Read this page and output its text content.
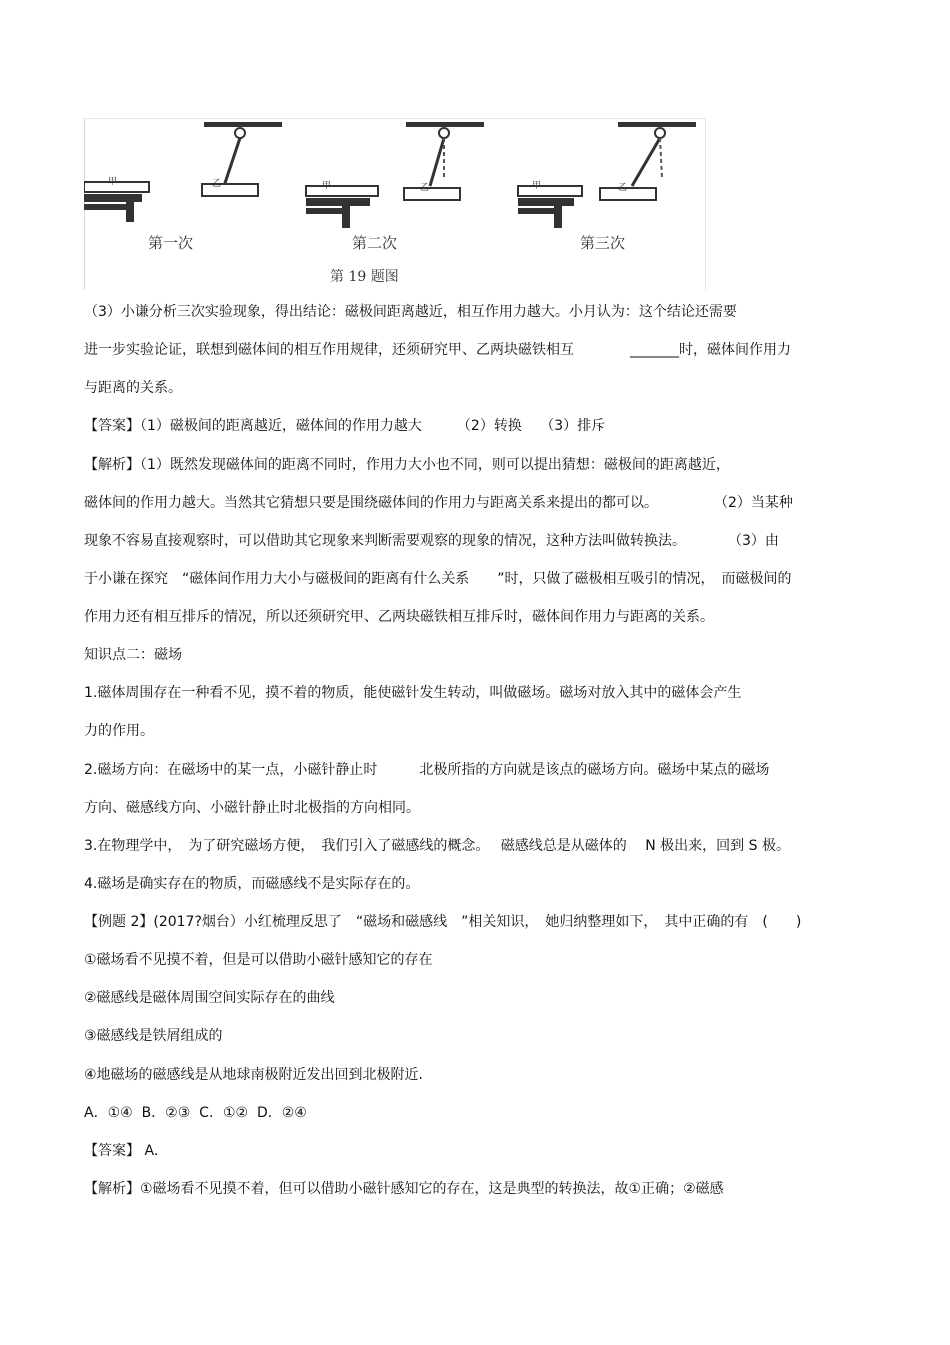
甲	乙	甲	乙	甲	乙
第一次	第二次	第三次
第 19 题图
（3）小谦分析三次实验现象，得出结论：磁极间距离越近，相互作用力越大。小月认为：这个结论还需要
进一步实验论证，联想到磁体间的相互作用规律，还须研究甲、乙两块磁铁相互　　　　_______时，磁体间作用力
与距离的关系。
【答案】（1）磁极间的距离越近，磁体间的作用力越大　　　（2）转换　 （3）排斥
【解析】（1）既然发现磁体间的距离不同时，作用力大小也不同，则可以提出猜想：磁极间的距离越近，
磁体间的作用力越大。当然其它猜想只要是围绕磁体间的作用力与距离关系来提出的都可以。　　　　　（2）当某种
现象不容易直接观察时，可以借助其它现象来判断需要观察的现象的情况，这种方法叫做转换法。　　　　（3）由
于小谦在探究　“磁体间作用力大小与磁极间的距离有什么关系　　”时，只做了磁极相互吸引的情况，　而磁极间的
作用力还有相互排斥的情况，所以还须研究甲、乙两块磁铁相互排斥时，磁体间作用力与距离的关系。
知识点二：磁场
1.磁体周围存在一种看不见，摸不着的物质，能使磁针发生转动，叫做磁场。磁场对放入其中的磁体会产生
力的作用。
2.磁场方向：在磁场中的某一点，小磁针静止时　　　北极所指的方向就是该点的磁场方向。磁场中某点的磁场
方向、磁感线方向、小磁针静止时北极指的方向相同。
3.在物理学中，　为了研究磁场方便，　我们引入了磁感线的概念。　 磁感线总是从磁体的　 N 极出来，回到 S 极。
4.磁场是确实存在的物质，而磁感线不是实际存在的。
【例题 2】(2017?烟台）小红梳理反思了　“磁场和磁感线　”相关知识，　她归纳整理如下，　其中正确的有　(　　)
①磁场看不见摸不着，但是可以借助小磁针感知它的存在
②磁感线是磁体周围空间实际存在的曲线
③磁感线是铁屑组成的
④地磁场的磁感线是从地球南极附近发出回到北极附近.
A．①④  B．②③  C．①②  D．②④
【答案】 A．
【解析】①磁场看不见摸不着，但可以借助小磁针感知它的存在，这是典型的转换法，故①正确；②磁感
